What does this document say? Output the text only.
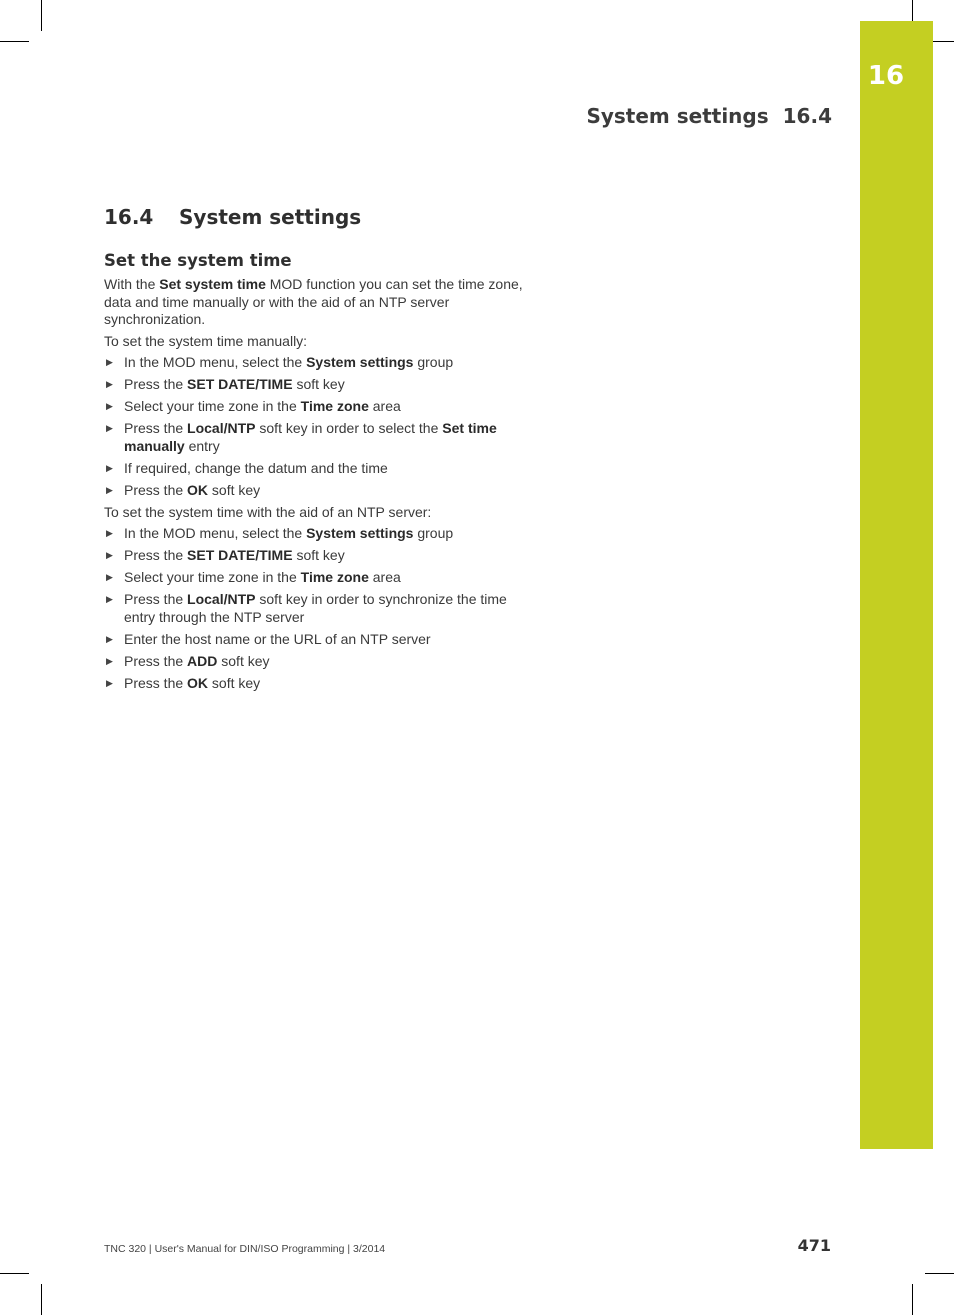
16
System settings 16.4
16.4 System settings
Set the system time

With the Set system time MOD function you can set the time zone, data and time manually or with the aid of an NTP server synchronization.

To set the system time manually:

▶ In the MOD menu, select the System settings group
▶ Press the SET DATE/TIME soft key
▶ Select your time zone in the Time zone area
▶ Press the Local/NTP soft key in order to select the Set time manually entry
▶ If required, change the datum and the time
▶ Press the OK soft key

To set the system time with the aid of an NTP server:

▶ In the MOD menu, select the System settings group
▶ Press the SET DATE/TIME soft key
▶ Select your time zone in the Time zone area
▶ Press the Local/NTP soft key in order to synchronize the time entry through the NTP server
▶ Enter the host name or the URL of an NTP server
▶ Press the ADD soft key
▶ Press the OK soft key
TNC 320 | User's Manual for DIN/ISO Programming | 3/2014	471
